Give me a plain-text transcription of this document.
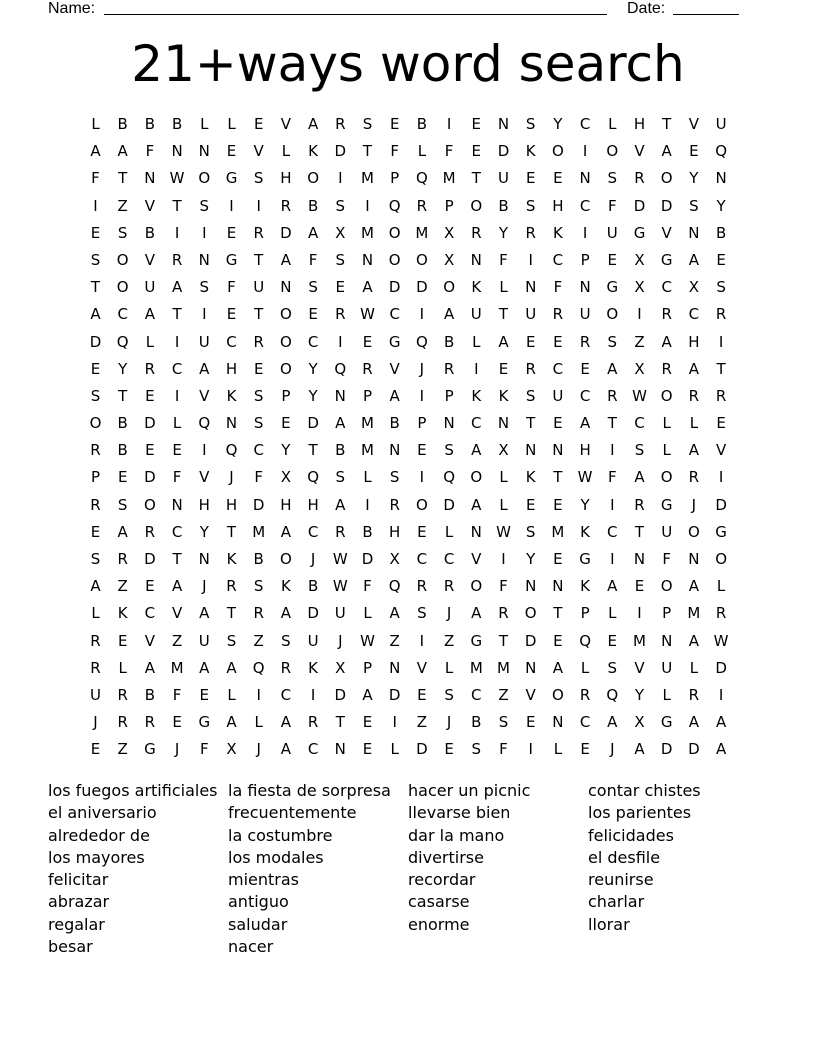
Name:	Date:
21+ways word search
L	B	B	B	L	L	E	V	A	R	S	E	B	I	E	N	S	Y	C	L	H	T	V	U
A	A	F	N	N	E	V	L	K	D	T	F	L	F	E	D	K	O	I	O	V	A	E	Q
F	T	N W O	G	S	H	O	I	M	P	Q M	T	U	E	E	N	S	R	O	Y	N
I	Z	V	T	S	I	I	R	B	S	I	Q	R	P	O	B	S	H	C	F	D	D	S	Y
E	S	B	I	I	E	R	D	A	X	M O M	X	R	Y	R	K	I	U	G	V	N	B
S	O	V	R	N	G	T	A	F	S	N	O	O	X	N	F	I	C	P	E	X	G	A	E
T	O	U	A	S	F	U	N	S	E	A	D	D	O	K	L	N	F	N	G	X	C	X	S
A	C	A	T	I	E	T	O	E	R W C	I	A	U	T	U	R	U	O	I	R	C	R
D	Q	L	I	U	C	R	O	C	I	E	G	Q	B	L	A	E	E	R	S	Z	A	H	I
E	Y	R	C	A	H	E	O	Y	Q	R	V	J	R	I	E	R	C	E	A	X	R	A	T
S	T	E	I	V	K	S	P	Y	N	P	A	I	P	K	K	S	U	C	R W O	R	R
O	B	D	L	Q	N	S	E	D	A	M	B	P	N	C	N	T	E	A	T	C	L	L	E
R	B	E	E	I	Q	C	Y	T	B	M	N	E	S	A	X	N	N	H	I	S	L	A	V
P	E	D	F	V	J	F	X	Q	S	L	S	I	Q	O	L	K	T	W	F	A	O	R	I
R	S	O	N	H	H	D	H	H	A	I	R	O	D	A	L	E	E	Y	I	R	G	J	D
E	A	R	C	Y	T	M	A	C	R	B	H	E	L	N W	S	M	K	C	T	U	O	G
S	R	D	T	N	K	B	O	J	W D	X	C	C	V	I	Y	E	G	I	N	F	N	O
A	Z	E	A	J	R	S	K	B W	F	Q	R	R	O	F	N	N	K	A	E	O	A	L
L	K	C	V	A	T	R	A	D	U	L	A	S	J	A	R	O	T	P	L	I	P	M	R
R	E	V	Z	U	S	Z	S	U	J	W Z	I	Z	G	T	D	E	Q	E	M	N	A W
R	L	A	M	A	A	Q	R	K	X	P	N	V	L	M M	N	A	L	S	V	U	L	D
U	R	B	F	E	L	I	C	I	D	A	D	E	S	C	Z	V	O	R	Q	Y	L	R	I
J	R	R	E	G	A	L	A	R	T	E	I	Z	J	B	S	E	N	C	A	X	G	A	A
E	Z	G	J	F	X	J	A	C	N	E	L	D	E	S	F	I	L	E	J	A	D	D	A
los fuegos artificiales
el aniversario
alrededor de
los mayores
felicitar
abrazar
regalar
besar
la fiesta de sorpresa
frecuentemente
la costumbre
los modales
mientras
antiguo
saludar
nacer
hacer un picnic
llevarse bien
dar la mano
divertirse
recordar
casarse
enorme
contar chistes
los parientes
felicidades
el desfile
reunirse
charlar
llorar
